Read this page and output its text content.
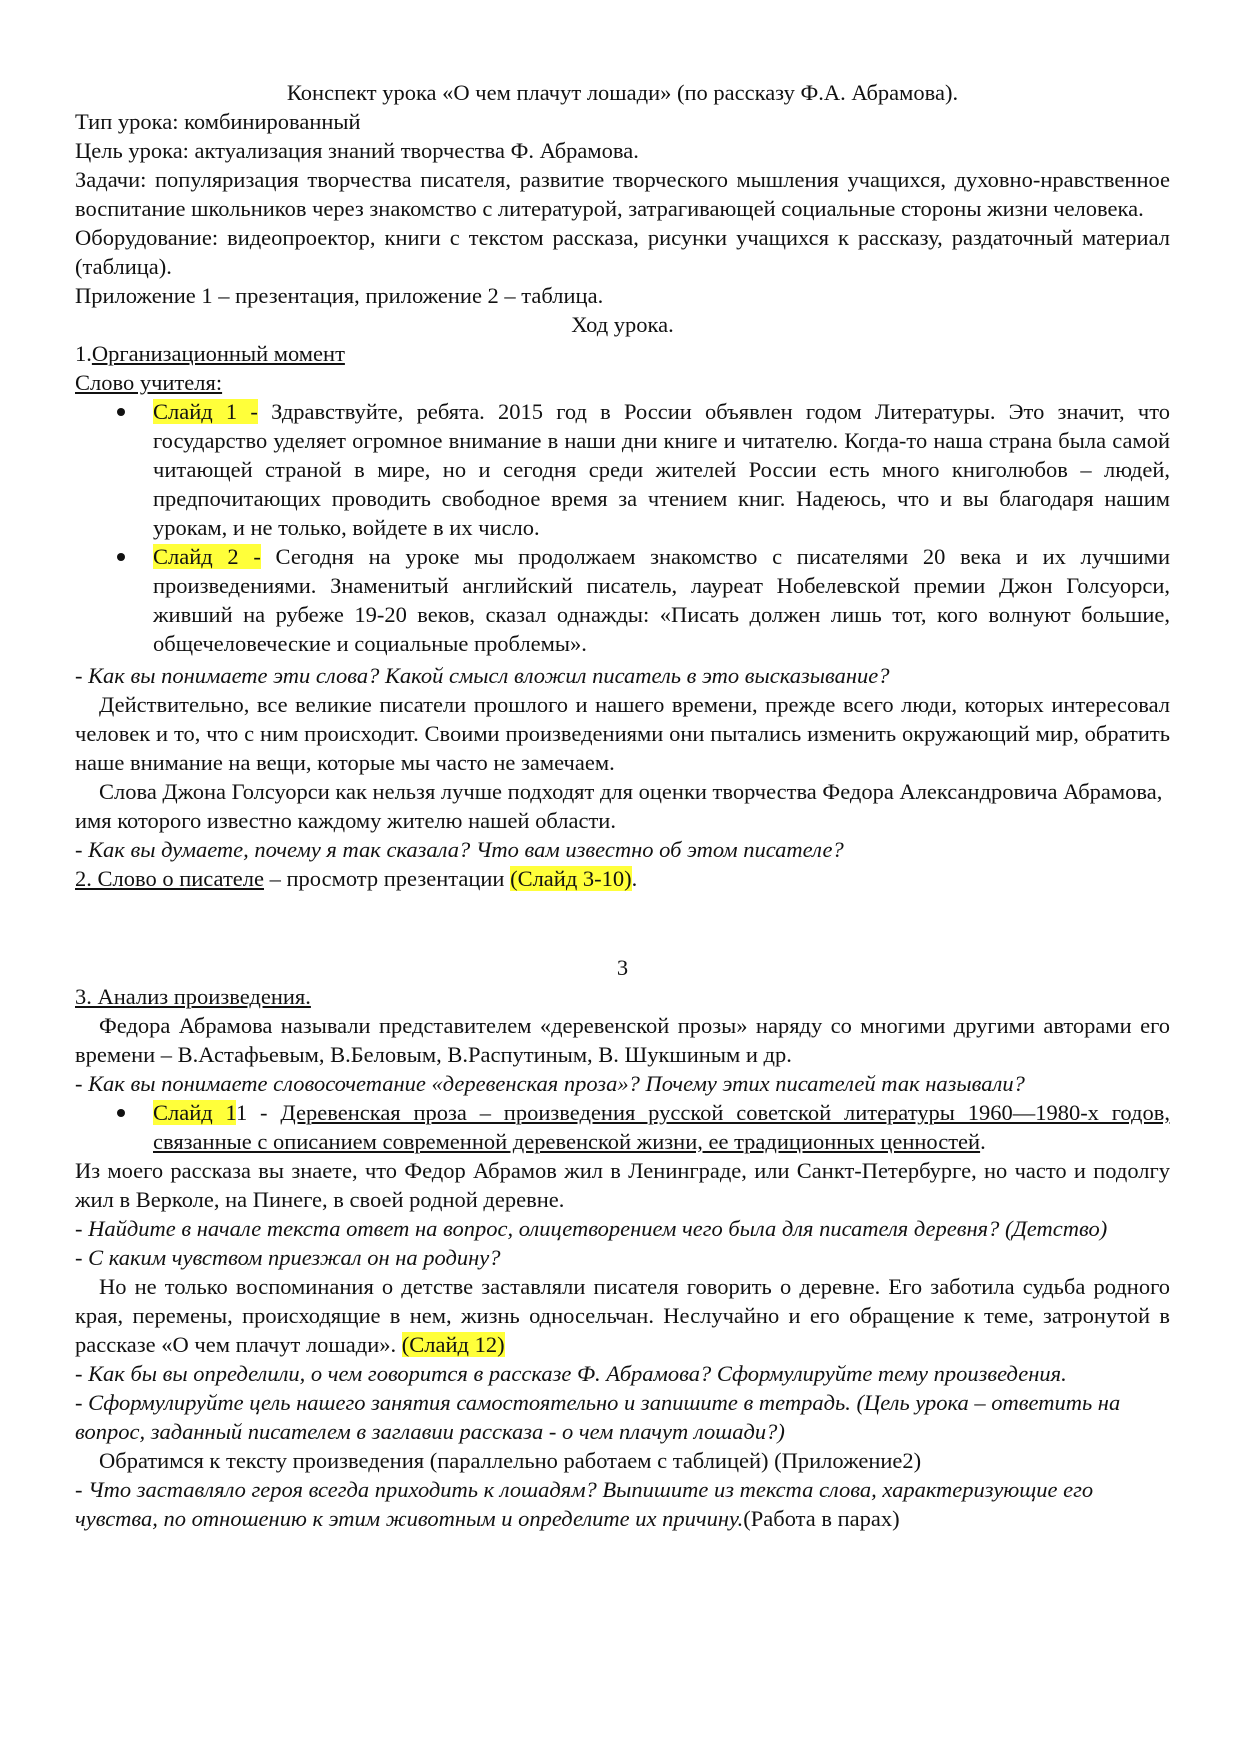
Конспект урока «О чем плачут лошади» (по рассказу Ф.А. Абрамова).

Тип урока: комбинированный

Цель урока: актуализация знаний творчества Ф. Абрамова.

Задачи: популяризация творчества писателя, развитие творческого мышления учащихся, духовно-нравственное воспитание школьников через знакомство с литературой, затрагивающей социальные стороны жизни человека.

Оборудование: видеопроектор, книги с текстом рассказа, рисунки учащихся к рассказу, раздаточный материал (таблица).

Приложение 1 – презентация, приложение 2 – таблица.

Ход урока.

1.Организационный момент

Слово учителя:

Слайд 1 - Здравствуйте, ребята. 2015 год в России объявлен годом Литературы. Это значит, что государство уделяет огромное внимание в наши дни книге и читателю. Когда-то наша страна была самой читающей страной в мире, но и сегодня среди жителей России есть много книголюбов – людей, предпочитающих проводить свободное время за чтением книг. Надеюсь, что и вы благодаря нашим урокам, и не только, войдете в их число.
Слайд 2 - Сегодня на уроке мы продолжаем знакомство с писателями 20 века и их лучшими произведениями. Знаменитый английский писатель, лауреат Нобелевской премии Джон Голсуорси, живший на рубеже 19-20 веков, сказал однажды: «Писать должен лишь тот, кого волнуют большие, общечеловеческие и социальные проблемы».

- Как вы понимаете эти слова? Какой смысл вложил писатель в это высказывание?

Действительно, все великие писатели прошлого и нашего времени, прежде всего люди, которых интересовал человек и то, что с ним происходит. Своими произведениями они пытались изменить окружающий мир, обратить наше внимание на вещи, которые мы часто не замечаем.

Слова Джона Голсуорси как нельзя лучше подходят для оценки творчества Федора Александровича Абрамова, имя которого известно каждому жителю нашей области.

- Как вы думаете, почему я так сказала? Что вам известно об этом писателе?

2. Слово о писателе – просмотр презентации (Слайд 3-10).

3

3. Анализ произведения.

Федора Абрамова называли представителем «деревенской прозы» наряду со многими другими авторами его времени – В.Астафьевым, В.Беловым, В.Распутиным, В. Шукшиным и др.

- Как вы понимаете словосочетание «деревенская проза»? Почему этих писателей так называли?

Слайд 11 - Деревенская проза – произведения русской советской литературы 1960—1980-х годов, связанные с описанием современной деревенской жизни, ее традиционных ценностей.

Из моего рассказа вы знаете, что Федор Абрамов жил в Ленинграде, или Санкт-Петербурге, но часто и подолгу жил в Верколе, на Пинеге, в своей родной деревне.

- Найдите в начале текста ответ на вопрос, олицетворением чего была для писателя деревня? (Детство)

- С каким чувством приезжал он на родину?

Но не только воспоминания о детстве заставляли писателя говорить о деревне. Его заботила судьба родного края, перемены, происходящие в нем, жизнь односельчан. Неслучайно и его обращение к теме, затронутой в рассказе «О чем плачут лошади». (Слайд 12)

- Как бы вы определили, о чем говорится в рассказе Ф. Абрамова? Сформулируйте тему произведения.

- Сформулируйте цель нашего занятия самостоятельно и запишите в тетрадь. (Цель урока – ответить на вопрос, заданный писателем в заглавии рассказа - о чем плачут лошади?)

Обратимся к тексту произведения (параллельно работаем с таблицей) (Приложение2)

- Что заставляло героя всегда приходить к лошадям? Выпишите из текста слова, характеризующие его чувства, по отношению к этим животным и определите их причину.(Работа в парах)
